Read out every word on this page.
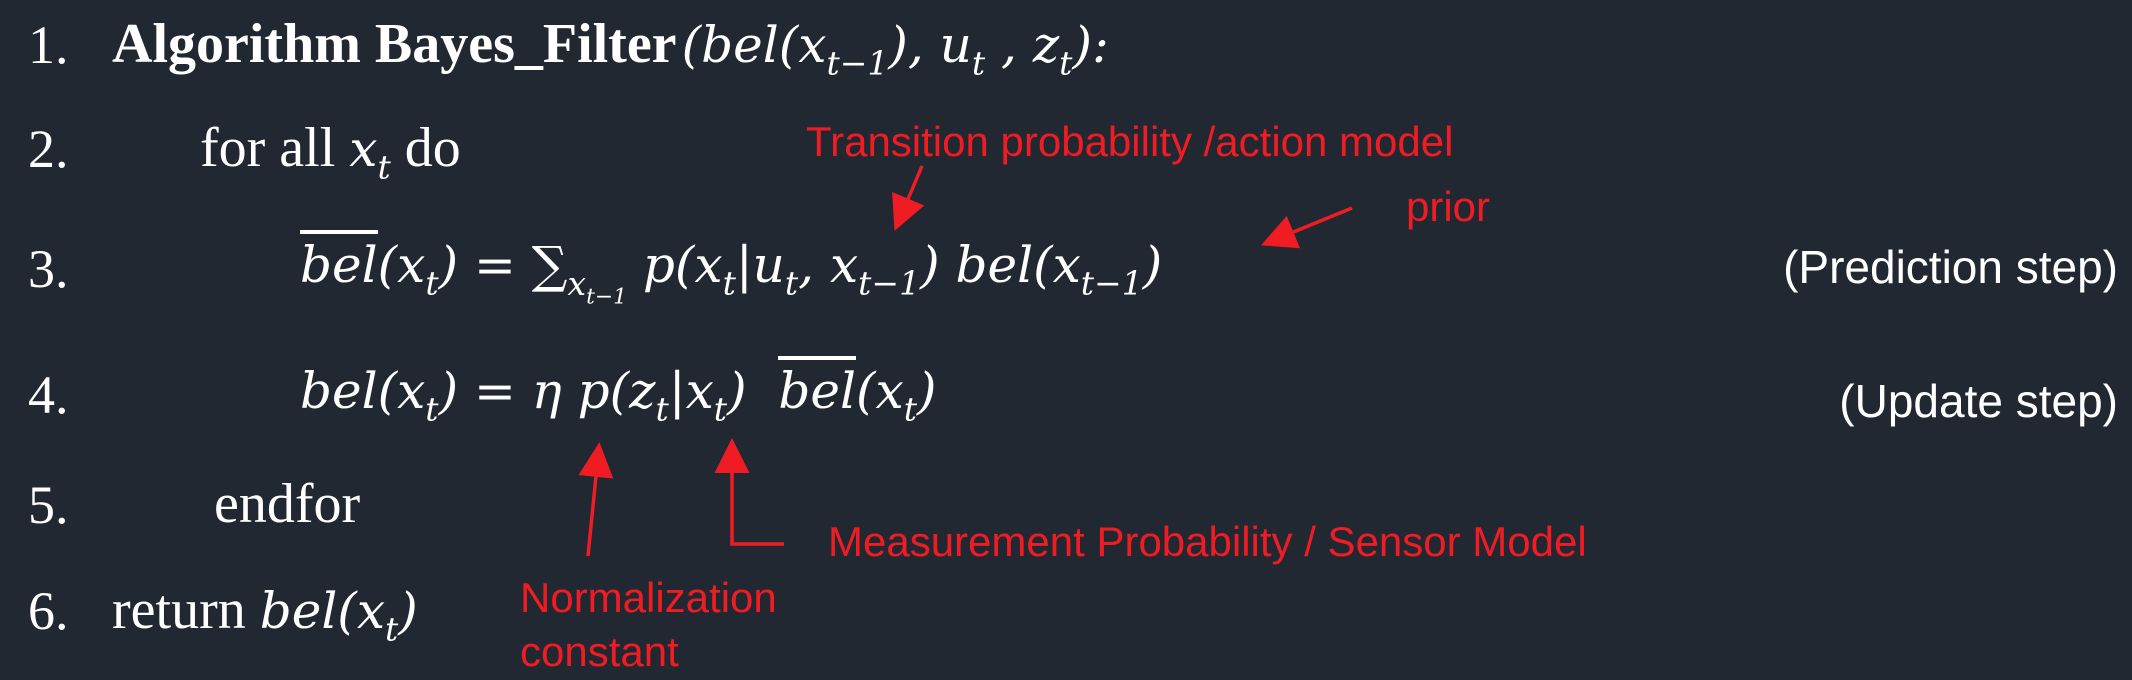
1. Algorithm Bayes_Filter ($bel(x_{t-1})$, $u_t$ , $z_t$):
2. for all $x_t$ do
3.	$bel(x_t) = \sum_{x_{t-1}}$ $p(x_t|u_t$, $x_{t-1}$) $bel(x_{t-1})$	(Prediction step)
4.	$bel(x_t) = \eta$ $p(z_t|x_t)$ $bel(x_t)$	(Update step)
5.	endfor
6. return $bel(x_t)$
Transition probability /action model
prior
Measurement Probability / Sensor Model
Normalization
constant
